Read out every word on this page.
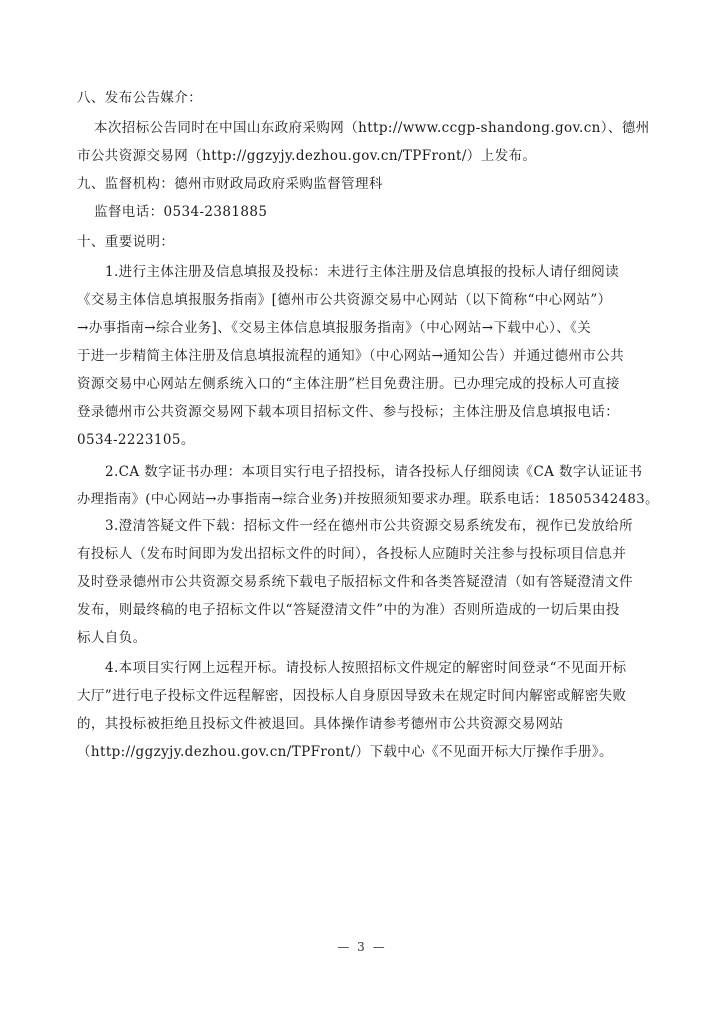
八、发布公告媒介：
本次招标公告同时在中国山东政府采购网（http://www.ccgp-shandong.gov.cn）、德州
市公共资源交易网（http://ggzyjy.dezhou.gov.cn/TPFront/）上发布。
九、监督机构：德州市财政局政府采购监督管理科
监督电话：0534-2381885
十、重要说明：
1.进行主体注册及信息填报及投标：未进行主体注册及信息填报的投标人请仔细阅读
《交易主体信息填报服务指南》[德州市公共资源交易中心网站（以下简称“中心网站”）
→办事指南→综合业务]、《交易主体信息填报服务指南》（中心网站→下载中心）、《关
于进一步精简主体注册及信息填报流程的通知》（中心网站→通知公告）并通过德州市公共
资源交易中心网站左侧系统入口的“主体注册”栏目免费注册。已办理完成的投标人可直接
登录德州市公共资源交易网下载本项目招标文件、参与投标；主体注册及信息填报电话：
0534-2223105。
2.CA 数字证书办理：本项目实行电子招投标，请各投标人仔细阅读《CA 数字认证证书
办理指南》(中心网站→办事指南→综合业务)并按照须知要求办理。联系电话：18505342483。
3.澄清答疑文件下载：招标文件一经在德州市公共资源交易系统发布，视作已发放给所
有投标人（发布时间即为发出招标文件的时间），各投标人应随时关注参与投标项目信息并
及时登录德州市公共资源交易系统下载电子版招标文件和各类答疑澄清（如有答疑澄清文件
发布，则最终稿的电子招标文件以“答疑澄清文件”中的为准）否则所造成的一切后果由投
标人自负。
4.本项目实行网上远程开标。请投标人按照招标文件规定的解密时间登录“不见面开标
大厅”进行电子投标文件远程解密，因投标人自身原因导致未在规定时间内解密或解密失败
的，其投标被拒绝且投标文件被退回。具体操作请参考德州市公共资源交易网站
（http://ggzyjy.dezhou.gov.cn/TPFront/）下载中心《不见面开标大厅操作手册》。
— 3 —
